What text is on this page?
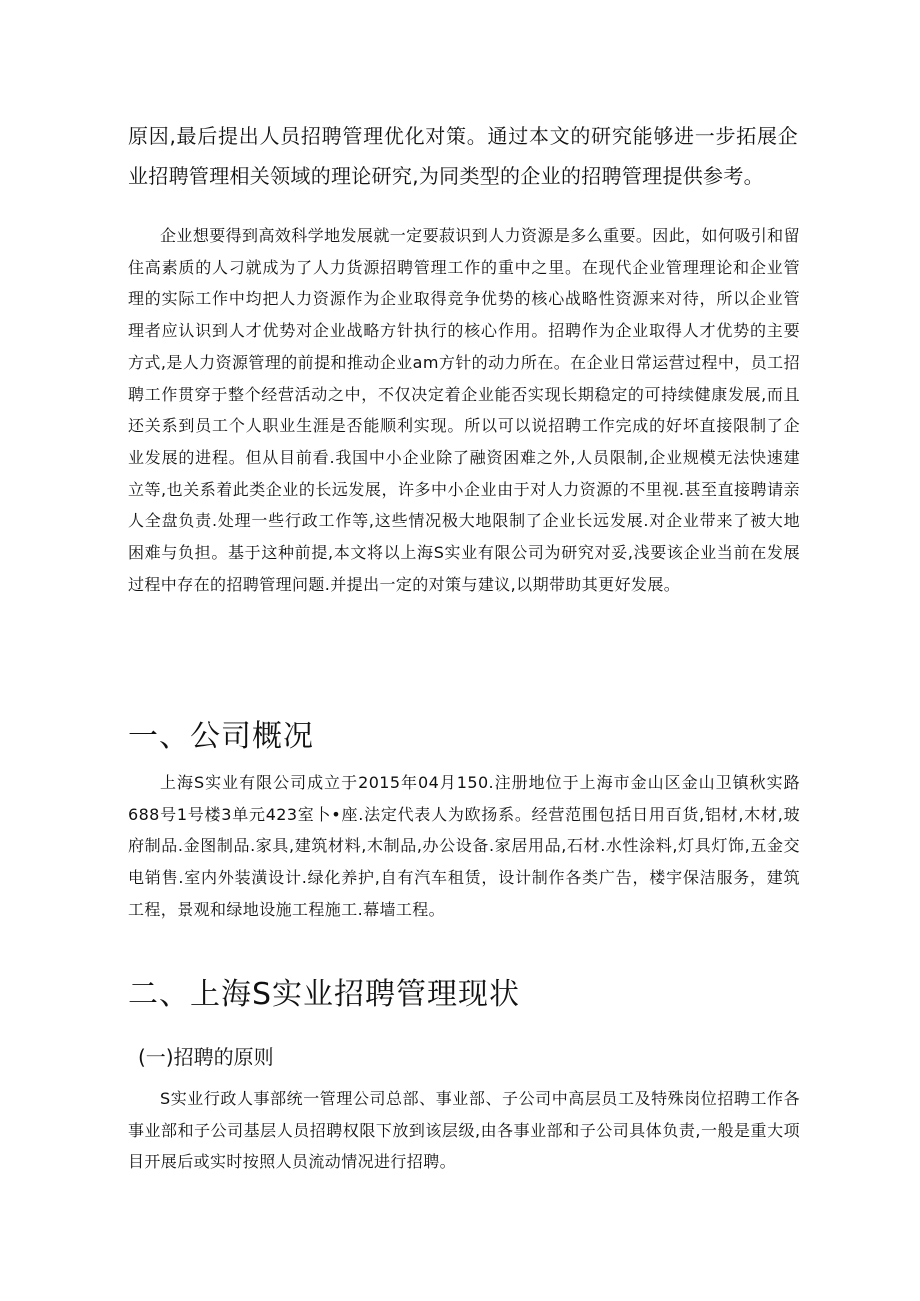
原因,最后提出人员招聘管理优化对策。通过本文的研究能够进一步拓展企业招聘管理相关领域的理论研究,为同类型的企业的招聘管理提供参考。

企业想要得到高效科学地发展就一定要菽识到人力资源是多么重要。因此，如何吸引和留住高素质的人刁就成为了人力货源招聘管理工作的重中之里。在现代企业管理理论和企业管理的实际工作中均把人力资源作为企业取得竞争优势的核心战略性资源来对待，所以企业管理者应认识到人才优势对企业战略方针执行的核心作用。招聘作为企业取得人才优势的主要方式,是人力资源管理的前提和推动企业am方针的动力所在。在企业日常运营过程中，员工招聘工作贯穿于整个经营活动之中，不仅决定着企业能否实现长期稳定的可持续健康发展,而且还关系到员工个人职业生涯是否能顺利实现。所以可以说招聘工作完成的好坏直接限制了企业发展的进程。但从目前看.我国中小企业除了融资困难之外,人员限制,企业规模无法快速建立等,也关系着此类企业的长远发展，许多中小企业由于对人力资源的不里视.甚至直接聘请亲人全盘负责.处理一些行政工作等,这些情况极大地限制了企业长远发展.对企业带来了被大地困难与负担。基于这种前提,本文将以上海S实业有限公司为研究对妥,浅要该企业当前在发展过程中存在的招聘管理问题.并提出一定的对策与建议,以期带助其更好发展。

一、公司概况

上海S实业有限公司成立于2015年04月150.注册地位于上海市金山区金山卫镇秋实路688号1号楼3单元423室卜•座.法定代表人为欧扬系。经营范围包括日用百货,铝材,木材,玻府制品.金图制品.家具,建筑材料,木制品,办公设备.家居用品,石材.水性涂料,灯具灯饰,五金交电销售.室内外装潢设计.绿化养护,自有汽车租赁，设计制作各类广告，楼宇保洁服务，建筑工程，景观和绿地设施工程施工.幕墙工程。

二、上海S实业招聘管理现状
(一)招聘的原则

S实业行政人事部统一管理公司总部、事业部、子公司中高层员工及特殊岗位招聘工作各事业部和子公司基层人员招聘权限下放到该层级,由各事业部和子公司具体负责,一般是重大项目开展后或实时按照人员流动情况进行招聘。
